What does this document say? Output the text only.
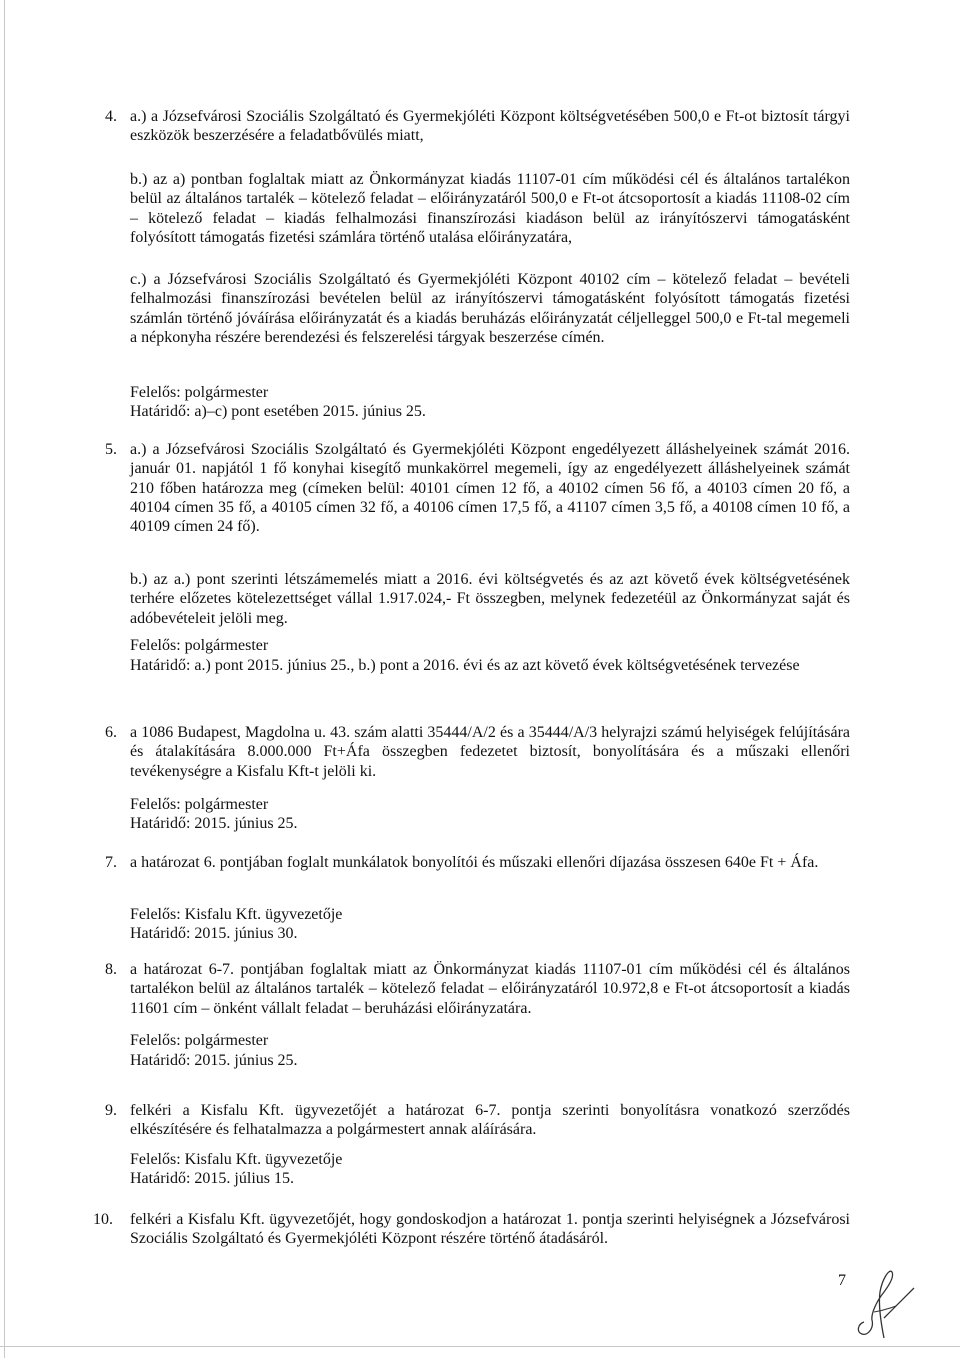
4. a.) a Józsefvárosi Szociális Szolgáltató és Gyermekjóléti Központ költségvetésében 500,0 e Ft-ot biztosít tárgyi eszközök beszerzésére a feladatbővülés miatt,

b.) az a) pontban foglaltak miatt az Önkormányzat kiadás 11107-01 cím működési cél és általános tartalékon belül az általános tartalék – kötelező feladat – előirányzatáról 500,0 e Ft-ot átcsoportosít a kiadás 11108-02 cím – kötelező feladat – kiadás felhalmozási finanszírozási kiadáson belül az irányítószervi támogatásként folyósított támogatás fizetési számlára történő utalása előirányzatára,

c.) a Józsefvárosi Szociális Szolgáltató és Gyermekjóléti Központ 40102 cím – kötelező feladat – bevételi felhalmozási finanszírozási bevételen belül az irányítószervi támogatásként folyósított támogatás fizetési számlán történő jóváírása előirányzatát és a kiadás beruházás előirányzatát céljelleggel 500,0 e Ft-tal megemeli a népkonyha részére berendezési és felszerelési tárgyak beszerzése címén.

Felelős: polgármester

Határidő: a)–c) pont esetében 2015. június 25.

5. a.) a Józsefvárosi Szociális Szolgáltató és Gyermekjóléti Központ engedélyezett álláshelyeinek számát 2016. január 01. napjától 1 fő konyhai kisegítő munkakörrel megemeli, így az engedélyezett álláshelyeinek számát 210 főben határozza meg (címeken belül: 40101 címen 12 fő, a 40102 címen 56 fő, a 40103 címen 20 fő, a 40104 címen 35 fő, a 40105 címen 32 fő, a 40106 címen 17,5 fő, a 41107 címen 3,5 fő, a 40108 címen 10 fő, a 40109 címen 24 fő).

b.) az a.) pont szerinti létszámemelés miatt a 2016. évi költségvetés és az azt követő évek költségvetésének terhére előzetes kötelezettséget vállal 1.917.024,- Ft összegben, melynek fedezetéül az Önkormányzat saját és adóbevételeit jelöli meg.

Felelős: polgármester

Határidő: a.) pont 2015. június 25., b.) pont a 2016. évi és az azt követő évek költségvetésének tervezése

6. a 1086 Budapest, Magdolna u. 43. szám alatti 35444/A/2 és a 35444/A/3 helyrajzi számú helyiségek felújítására és átalakítására 8.000.000 Ft+Áfa összegben fedezetet biztosít, bonyolítására és a műszaki ellenőri tevékenységre a Kisfalu Kft-t jelöli ki.

Felelős: polgármester

Határidő: 2015. június 25.

7. a határozat 6. pontjában foglalt munkálatok bonyolítói és műszaki ellenőri díjazása összesen 640e Ft + Áfa.

Felelős: Kisfalu Kft. ügyvezetője

Határidő: 2015. június 30.

8. a határozat 6-7. pontjában foglaltak miatt az Önkormányzat kiadás 11107-01 cím működési cél és általános tartalékon belül az általános tartalék – kötelező feladat – előirányzatáról 10.972,8 e Ft-ot átcsoportosít a kiadás 11601 cím – önként vállalt feladat – beruházási előirányzatára.

Felelős: polgármester

Határidő: 2015. június 25.

9. felkéri a Kisfalu Kft. ügyvezetőjét a határozat 6-7. pontja szerinti bonyolításra vonatkozó szerződés elkészítésére és felhatalmazza a polgármestert annak aláírására.

Felelős: Kisfalu Kft. ügyvezetője

Határidő: 2015. július 15.

10. felkéri a Kisfalu Kft. ügyvezetőjét, hogy gondoskodjon a határozat 1. pontja szerinti helyiségnek a Józsefvárosi Szociális Szolgáltató és Gyermekjóléti Központ részére történő átadásáról.

7
